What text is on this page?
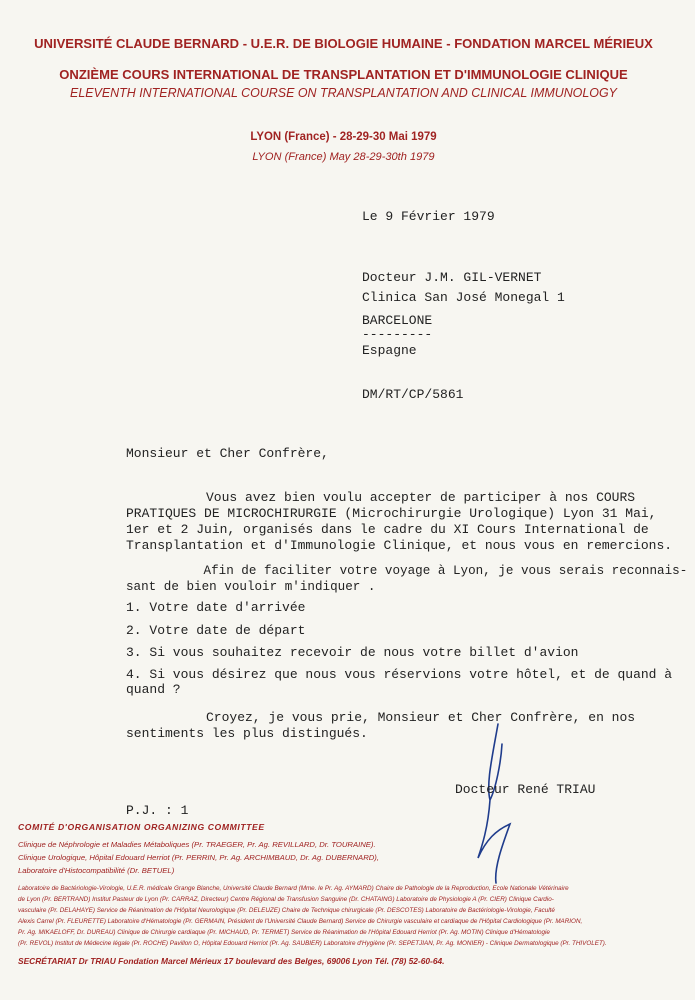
UNIVERSITÉ CLAUDE BERNARD - U.E.R. DE BIOLOGIE HUMAINE - FONDATION MARCEL MÉRIEUX
ONZIÈME COURS INTERNATIONAL DE TRANSPLANTATION ET D'IMMUNOLOGIE CLINIQUE
ELEVENTH INTERNATIONAL COURSE ON TRANSPLANTATION AND CLINICAL IMMUNOLOGY
LYON (France) - 28-29-30 Mai 1979
LYON (France) May 28-29-30th 1979
Le 9 Février 1979
Docteur J.M. GIL-VERNET
Clinica San José Monegal 1
BARCELONE
---------
Espagne
DM/RT/CP/5861
Monsieur et Cher Confrère,
Vous avez bien voulu accepter de participer à nos COURS
PRATIQUES DE MICROCHIRURGIE (Microchirurgie Urologique) Lyon 31 Mai,
1er et 2 Juin, organisés dans le cadre du XI Cours International de
Transplantation et d'Immunologie Clinique, et nous vous en remercions.
Afin de faciliter votre voyage à Lyon, je vous serais reconnais-
sant de bien vouloir m'indiquer .
1. Votre date d'arrivée
2. Votre date de départ
3. Si vous souhaitez recevoir de nous votre billet d'avion
4. Si vous désirez que nous vous réservions votre hôtel, et de quand à
quand ?
Croyez, je vous prie, Monsieur et Cher Confrère, en nos
sentiments les plus distingués.
Docteur René TRIAU
P.J. : 1
COMITÉ D'ORGANISATION ORGANIZING COMMITTEE
Clinique de Néphrologie et Maladies Métaboliques (Pr. TRAEGER, Pr. Ag. REVILLARD, Dr. TOURAINE).
Clinique Urologique, Hôpital Edouard Herriot (Pr. PERRIN, Pr. Ag. ARCHIMBAUD, Dr. Ag. DUBERNARD),
Laboratoire d'Histocompatibilité (Dr. BETUEL)
Laboratoire de Bactériologie-Virologie, U.E.R. médicale Grange Blanche, Université Claude Bernard (Mme. le Pr. Ag. AYMARD) Chaire de Pathologie de la Reproduction, Ecole Nationale Vétérinaire
de Lyon (Pr. BERTRAND) Institut Pasteur de Lyon (Pr. CARRAZ, Directeur) Centre Régional de Transfusion Sanguine (Dr. CHATAING) Laboratoire de Physiologie A (Pr. CIER) Clinique Cardio-
vasculaire (Pr. DELAHAYE) Service de Réanimation de l'Hôpital Neurologique (Pr. DELEUZE) Chaire de Technique chirurgicale (Pr. DESCOTES) Laboratoire de Bactériologie-Virologie, Faculté
Alexis Carrel (Pr. FLEURETTE) Laboratoire d'Hématologie (Pr. GERMAIN, Président de l'Université Claude Bernard) Service de Chirurgie vasculaire et cardiaque de l'Hôpital Cardiologique (Pr. MARION,
Pr. Ag. MIKAELOFF, Dr. DUREAU) Clinique de Chirurgie cardiaque (Pr. MICHAUD, Pr. TERMET) Service de Réanimation de l'Hôpital Edouard Herriot (Pr. Ag. MOTIN) Clinique d'Hématologie
(Pr. REVOL) Institut de Médecine légale (Pr. ROCHE) Pavillon O, Hôpital Edouard Herriot (Pr. Ag. SAUBIER) Laboratoire d'Hygiène (Pr. SEPETJIAN, Pr. Ag. MONIER) - Clinique Dermatologique (Pr. THIVOLET).
SECRÉTARIAT Dr TRIAU Fondation Marcel Mérieux 17 boulevard des Belges, 69006 Lyon Tél. (78) 52-60-64.
